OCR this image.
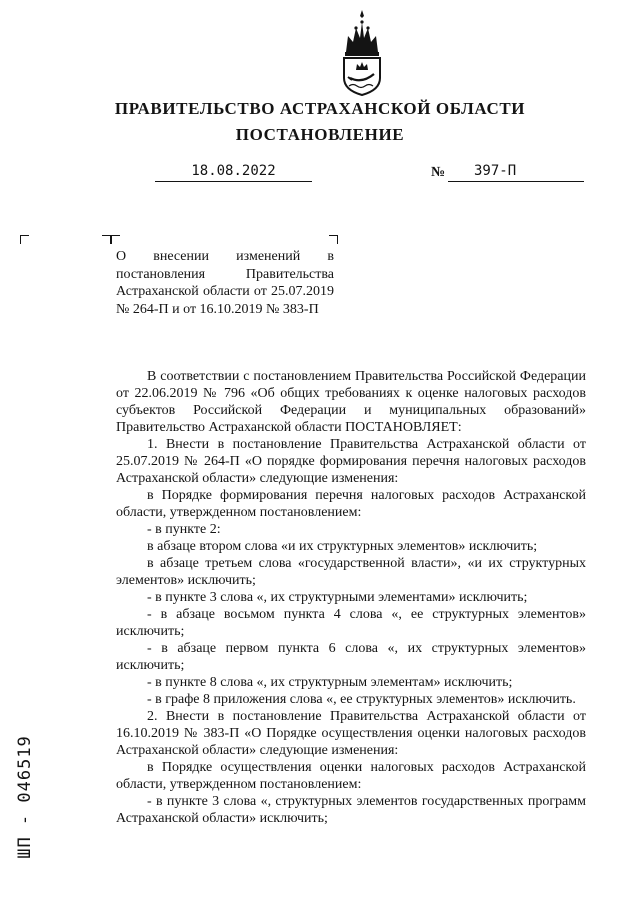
ПРАВИТЕЛЬСТВО АСТРАХАНСКОЙ ОБЛАСТИ
ПОСТАНОВЛЕНИЕ
18.08.2022	№	397-П

О внесении изменений в постановления Правительства Астраханской области от 25.07.2019 № 264-П и от 16.10.2019 № 383-П

В соответствии с постановлением Правительства Российской Федерации от 22.06.2019 № 796 «Об общих требованиях к оценке налоговых расходов субъектов Российской Федерации и муниципальных образований» Правительство Астраханской области ПОСТАНОВЛЯЕТ:

1. Внести в постановление Правительства Астраханской области от 25.07.2019 № 264-П «О порядке формирования перечня налоговых расходов Астраханской области» следующие изменения:

в Порядке формирования перечня налоговых расходов Астраханской области, утвержденном постановлением:

- в пункте 2:

в абзаце втором слова «и их структурных элементов» исключить;

в абзаце третьем слова «государственной власти», «и их структурных элементов» исключить;

- в пункте 3 слова «, их структурными элементами» исключить;

- в абзаце восьмом пункта 4 слова «, ее структурных элементов» исключить;

- в абзаце первом пункта 6 слова «, их структурных элементов» исключить;

- в пункте 8 слова «, их структурным элементам» исключить;

- в графе 8 приложения слова «, ее структурных элементов» исключить.

2. Внести в постановление Правительства Астраханской области от 16.10.2019 № 383-П «О Порядке осуществления оценки налоговых расходов Астраханской области» следующие изменения:

в Порядке осуществления оценки налоговых расходов Астраханской области, утвержденном постановлением:

- в пункте 3 слова «, структурных элементов государственных программ Астраханской области» исключить;

ШП - 046519
